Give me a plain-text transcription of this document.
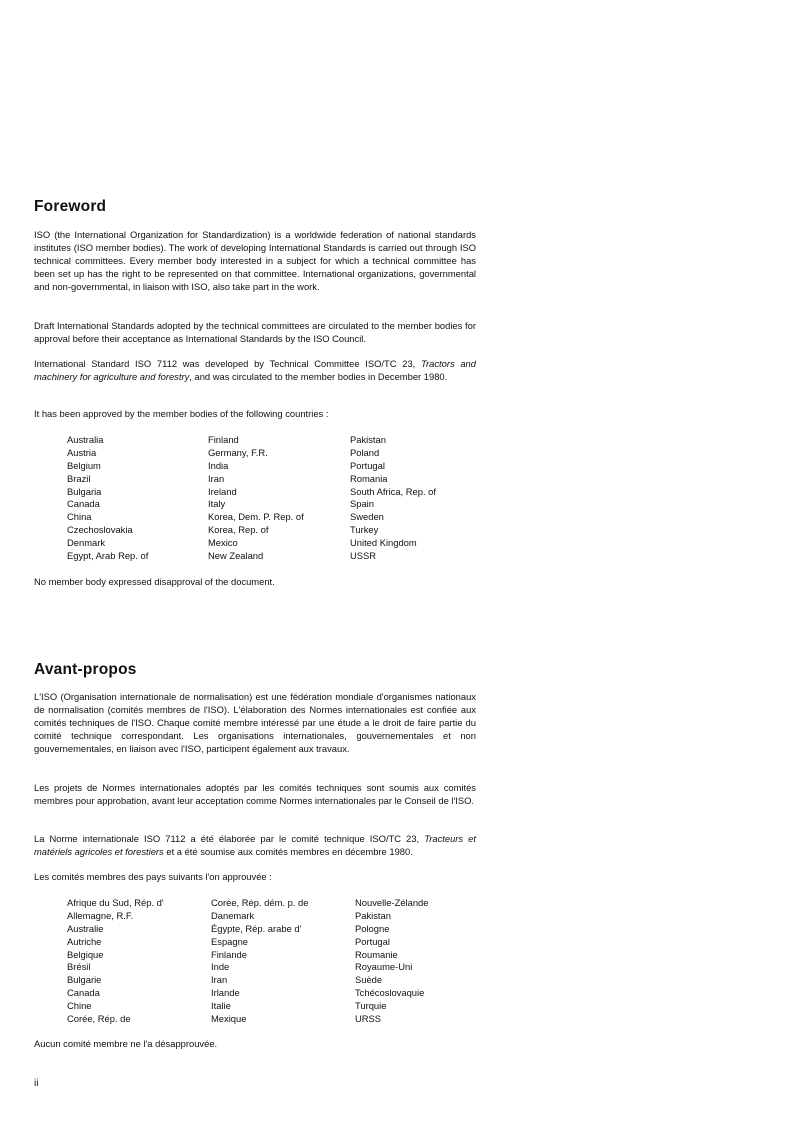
Foreword

ISO (the International Organization for Standardization) is a worldwide federation of national standards institutes (ISO member bodies). The work of developing International Standards is carried out through ISO technical committees. Every member body interested in a subject for which a technical committee has been set up has the right to be represented on that committee. International organizations, governmental and non-governmental, in liaison with ISO, also take part in the work.

Draft International Standards adopted by the technical committees are circulated to the member bodies for approval before their acceptance as International Standards by the ISO Council.

International Standard ISO 7112 was developed by Technical Committee ISO/TC 23, Tractors and machinery for agriculture and forestry, and was circulated to the member bodies in December 1980.

It has been approved by the member bodies of the following countries :

Australia
Austria
Belgium
Brazil
Bulgaria
Canada
China
Czechoslovakia
Denmark
Egypt, Arab Rep. of
Finland
Germany, F.R.
India
Iran
Ireland
Italy
Korea, Dem. P. Rep. of
Korea, Rep. of
Mexico
New Zealand
Pakistan
Poland
Portugal
Romania
South Africa, Rep. of
Spain
Sweden
Turkey
United Kingdom
USSR

No member body expressed disapproval of the document.

Avant-propos

L'ISO (Organisation internationale de normalisation) est une fédération mondiale d'organismes nationaux de normalisation (comités membres de l'ISO). L'élaboration des Normes internationales est confiée aux comités techniques de l'ISO. Chaque comité membre intéressé par une étude a le droit de faire partie du comité technique correspondant. Les organisations internationales, gouvernementales et non gouvernementales, en liaison avec l'ISO, participent également aux travaux.

Les projets de Normes internationales adoptés par les comités techniques sont soumis aux comités membres pour approbation, avant leur acceptation comme Normes internationales par le Conseil de l'ISO.

La Norme internationale ISO 7112 a été élaborée par le comité technique ISO/TC 23, Tracteurs et matériels agricoles et forestiers et a été soumise aux comités membres en décembre 1980.

Les comités membres des pays suivants l'on approuvée :

Afrique du Sud, Rép. d'
Allemagne, R.F.
Australie
Autriche
Belgique
Brésil
Bulgarie
Canada
Chine
Corée, Rép. de
Corée, Rép. dém. p. de
Danemark
Égypte, Rép. arabe d'
Espagne
Finlande
Inde
Iran
Irlande
Italie
Mexique
Nouvelle-Zélande
Pakistan
Pologne
Portugal
Roumanie
Royaume-Uni
Suède
Tchécoslovaquie
Turquie
URSS

Aucun comité membre ne l'a désapprouvée.

ii
